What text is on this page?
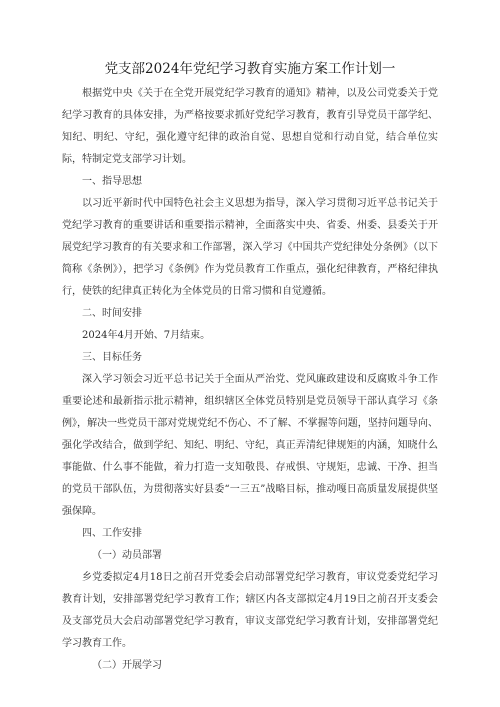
党支部2024年党纪学习教育实施方案工作计划一

根据党中央《关于在全党开展党纪学习教育的通知》精神，以及公司党委关于党纪学习教育的具体安排，为严格按要求抓好党纪学习教育，教育引导党员干部学纪、知纪、明纪、守纪，强化遵守纪律的政治自觉、思想自觉和行动自觉，结合单位实际，特制定党支部学习计划。

一、指导思想

以习近平新时代中国特色社会主义思想为指导，深入学习贯彻习近平总书记关于党纪学习教育的重要讲话和重要指示精神，全面落实中央、省委、州委、县委关于开展党纪学习教育的有关要求和工作部署，深入学习《中国共产党纪律处分条例》（以下简称《条例》），把学习《条例》作为党员教育工作重点，强化纪律教育，严格纪律执行，使铁的纪律真正转化为全体党员的日常习惯和自觉遵循。

二、时间安排

2024年4月开始、7月结束。

三、目标任务

深入学习领会习近平总书记关于全面从严治党、党风廉政建设和反腐败斗争工作重要论述和最新指示批示精神，组织辖区全体党员特别是党员领导干部认真学习《条例》，解决一些党员干部对党规党纪不伤心、不了解、不掌握等问题，坚持问题导向、强化学改结合，做到学纪、知纪、明纪、守纪，真正弄清纪律规矩的内涵，知晓什么事能做、什么事不能做，着力打造一支知敬畏、存戒惧、守规矩，忠诚、干净、担当的党员干部队伍，为贯彻落实好县委“一三五”战略目标，推动嘎日高质量发展提供坚强保障。

四、工作安排

（一）动员部署

乡党委拟定4月18日之前召开党委会启动部署党纪学习教育，审议党委党纪学习教育计划，安排部署党纪学习教育工作；辖区内各支部拟定4月19日之前召开支委会及支部党员大会启动部署党纪学习教育，审议支部党纪学习教育计划，安排部署党纪学习教育工作。

（二）开展学习
